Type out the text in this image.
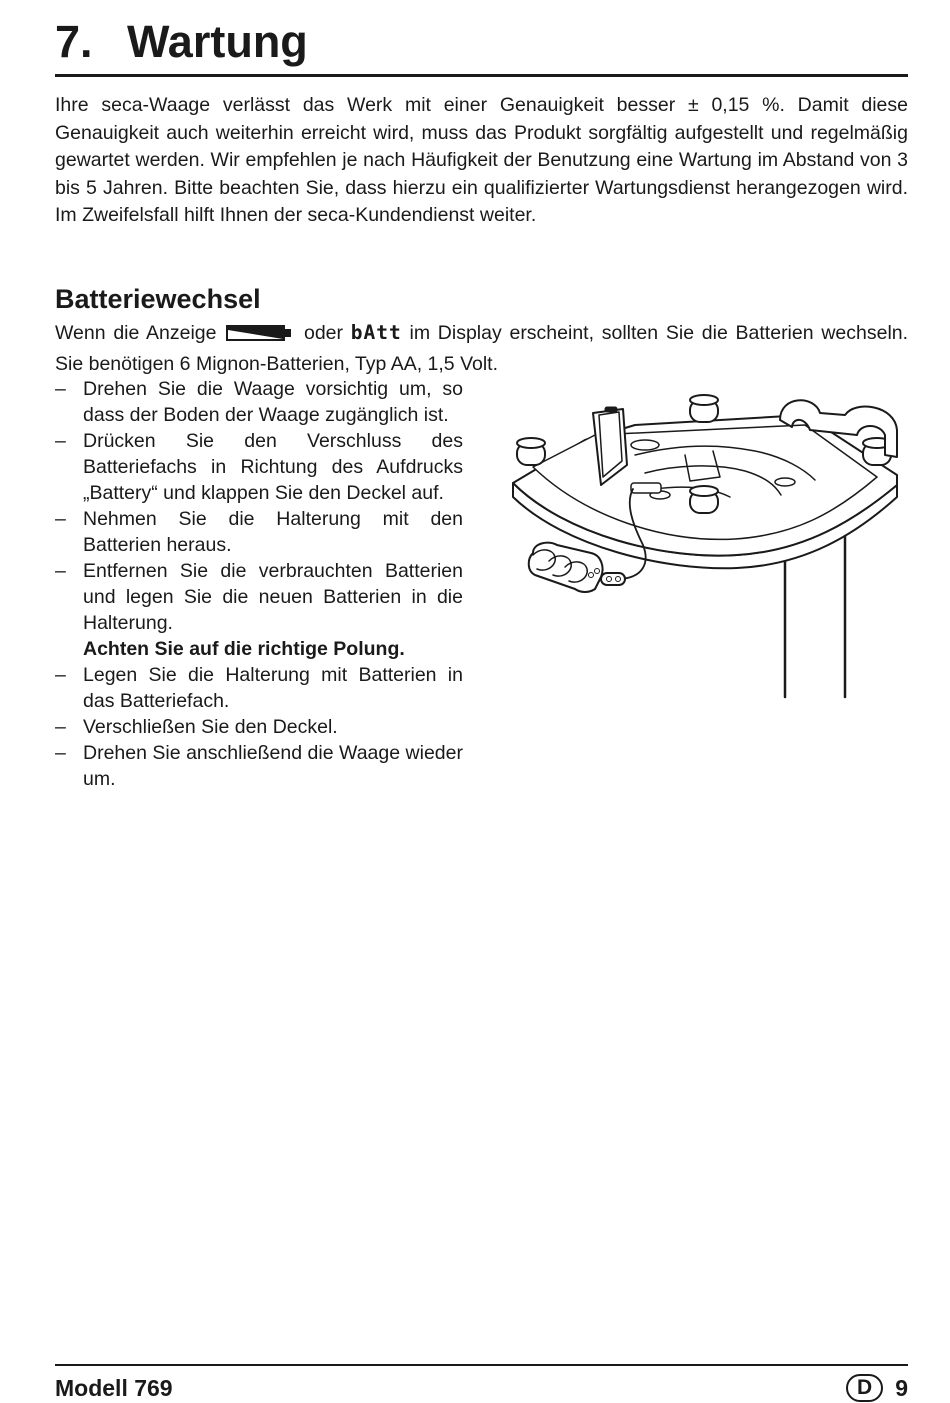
7. Wartung

Ihre seca-Waage verlässt das Werk mit einer Genauigkeit besser ± 0,15 %. Damit diese Genauigkeit auch weiterhin erreicht wird, muss das Produkt sorgfältig aufgestellt und regelmäßig gewartet werden. Wir empfehlen je nach Häufigkeit der Benutzung eine Wartung im Abstand von 3 bis 5 Jahren. Bitte beachten Sie, dass hierzu ein qualifizierter Wartungsdienst herangezogen wird. Im Zweifelsfall hilft Ihnen der seca-Kundendienst weiter.

Batteriewechsel

Wenn die Anzeige	oder bAtt im Display erscheint, sollten Sie die Batterien wechseln. Sie benötigen 6 Mignon-Batterien, Typ AA, 1,5 Volt.

– Drehen Sie die Waage vorsichtig um, so dass der Boden der Waage zugänglich ist.
– Drücken Sie den Verschluss des Batteriefachs in Richtung des Aufdrucks „Battery“ und klappen Sie den Deckel auf.
– Nehmen Sie die Halterung mit den Batterien heraus.
– Entfernen Sie die verbrauchten Batterien und legen Sie die neuen Batterien in die Halterung.
Achten Sie auf die richtige Polung.
– Legen Sie die Halterung mit Batterien in das Batteriefach.
– Verschließen Sie den Deckel.
– Drehen Sie anschließend die Waage wieder um.
Modell 769	D	9
